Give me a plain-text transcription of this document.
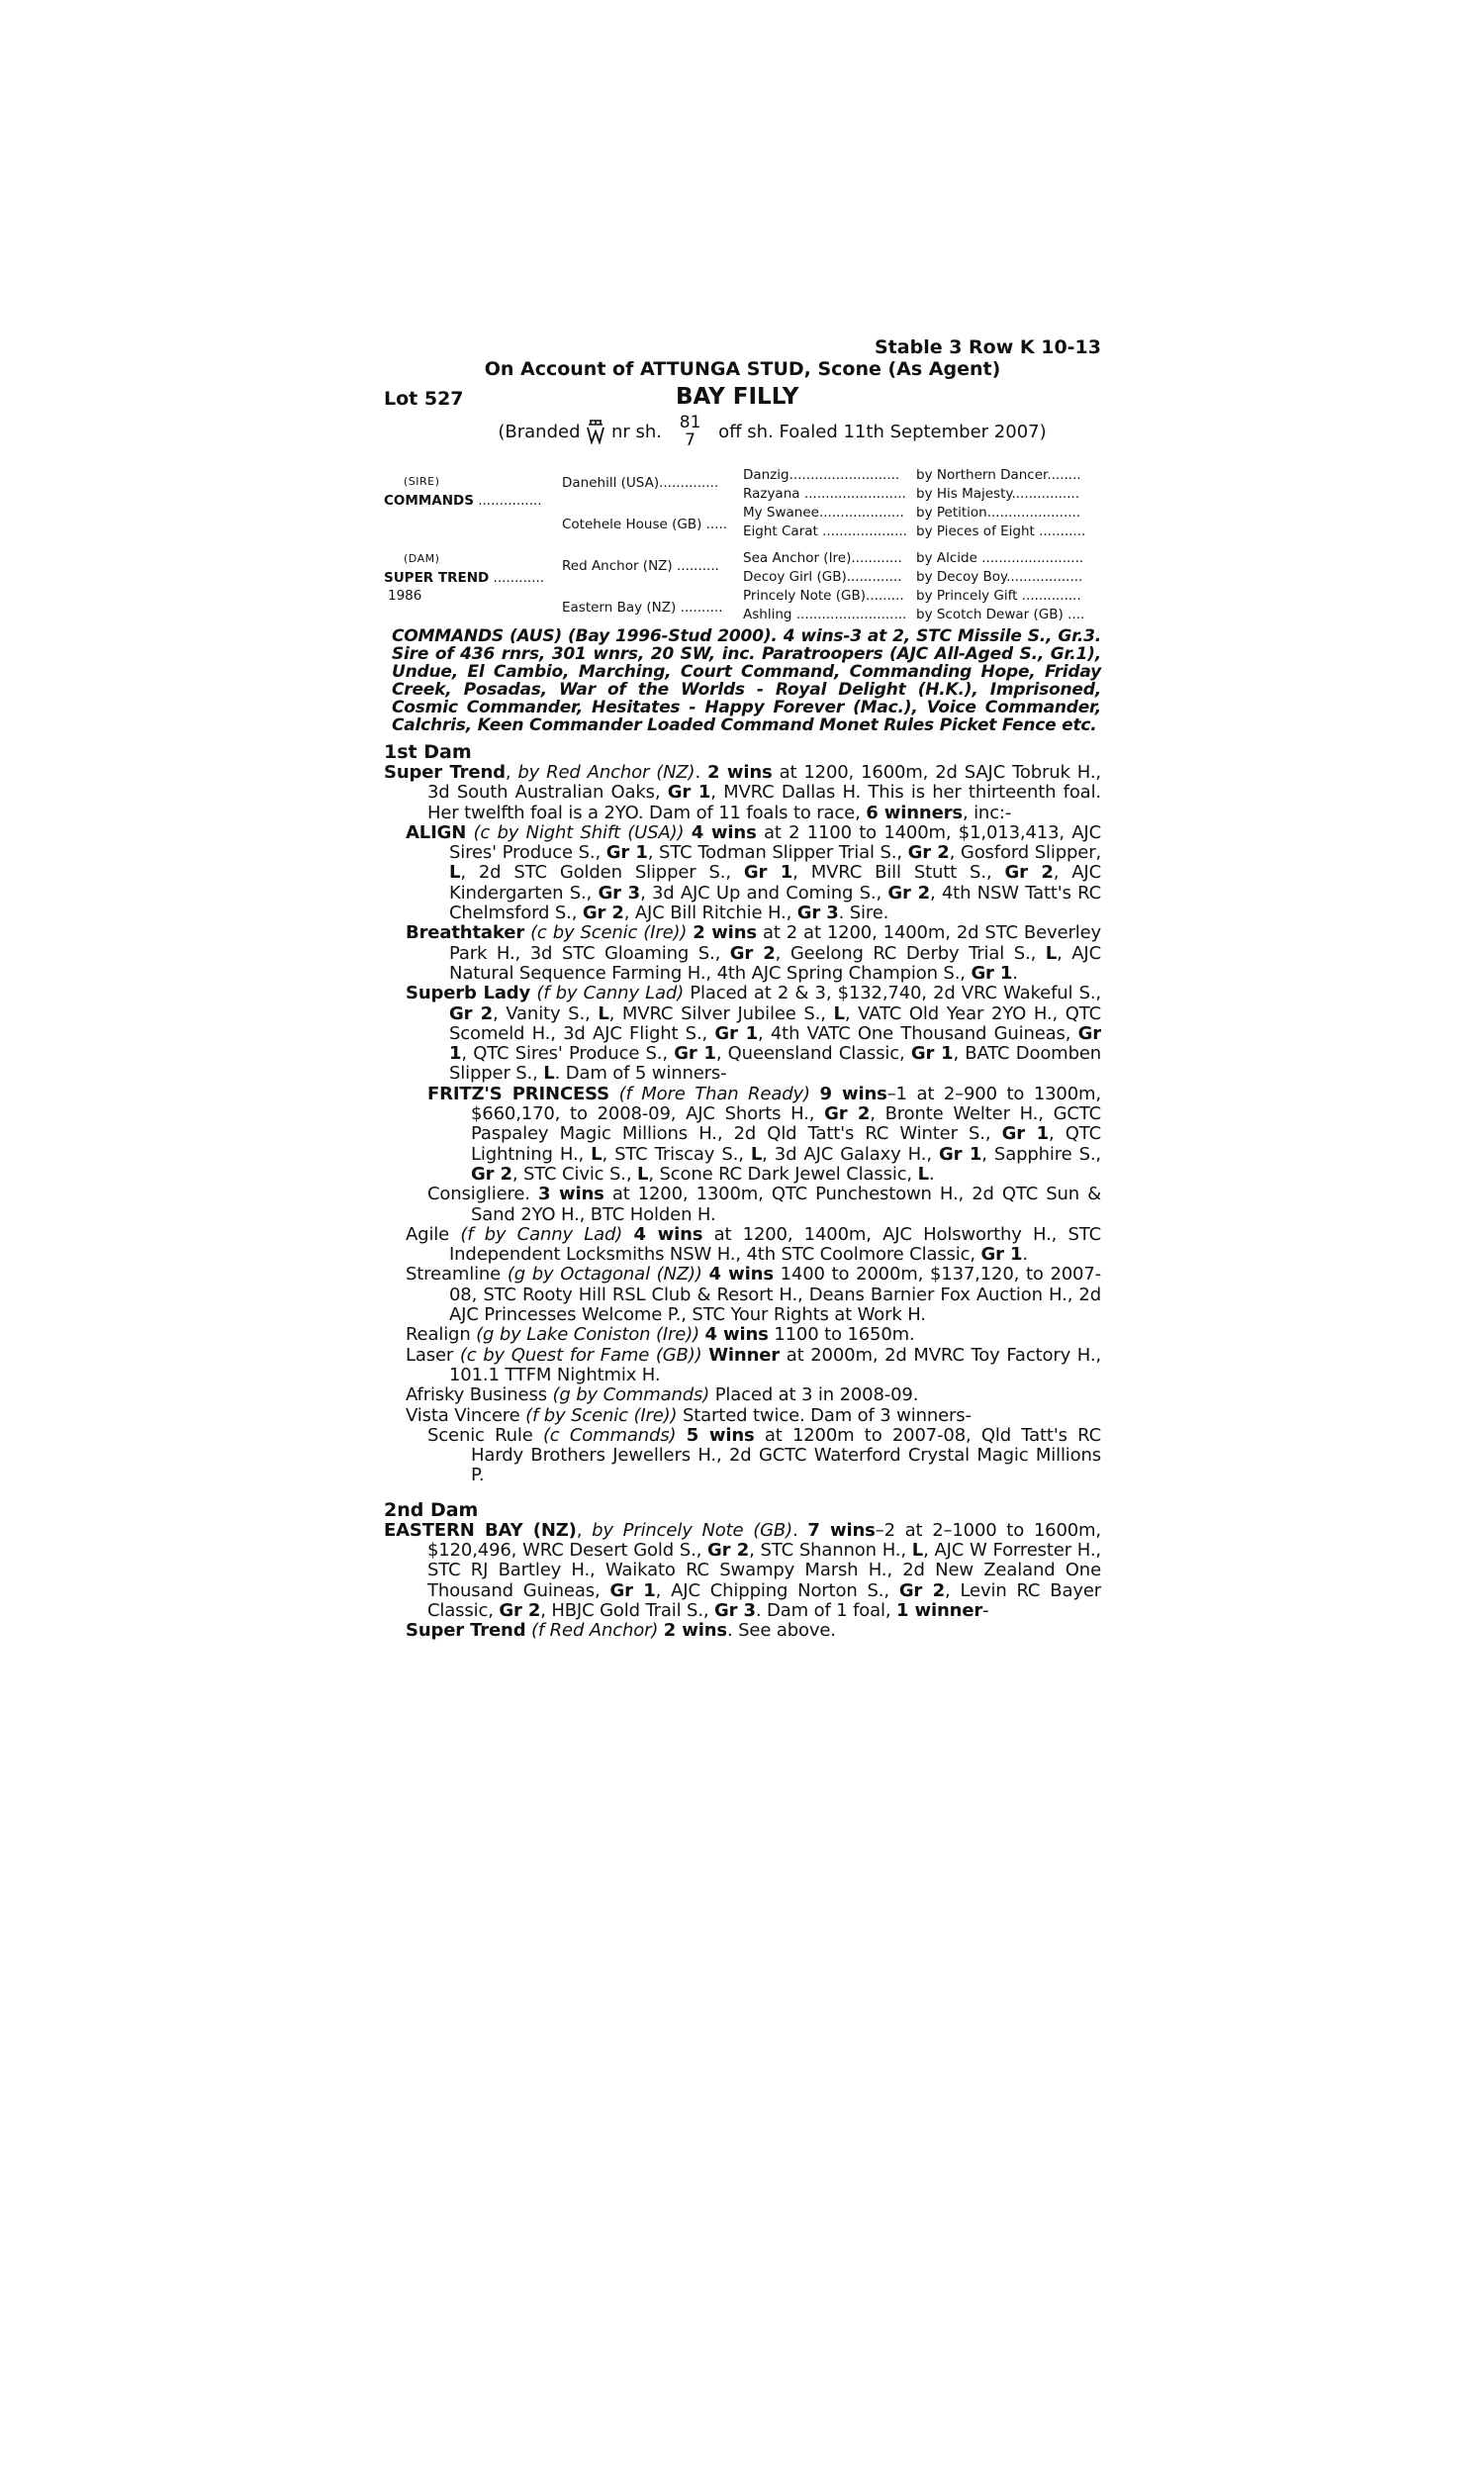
Stable 3 Row K 10-13
On Account of ATTUNGA STUD, Scone (As Agent)
Lot 527	BAY FILLY
(Branded nr sh. 81
7	off sh. Foaled 11th September 2007)
(SIRE)
COMMANDS ...............
(DAM)
SUPER TREND ............
1986
Danehill (USA)..............
Cotehele House (GB) .....
Red Anchor (NZ) ..........
Eastern Bay (NZ) ..........
Danzig..........................
Razyana ........................
My Swanee....................
Eight Carat ....................
Sea Anchor (Ire)............
Decoy Girl (GB).............
Princely Note (GB).........
Ashling ..........................
by Northern Dancer........
by His Majesty................
by Petition......................
by Pieces of Eight ...........
by Alcide ........................
by Decoy Boy..................
by Princely Gift ..............
by Scotch Dewar (GB) ....
COMMANDS (AUS) (Bay 1996-Stud 2000). 4 wins-3 at 2, STC Missile S., Gr.3. Sire of 436 rnrs, 301 wnrs, 20 SW, inc. Paratroopers (AJC All-Aged S., Gr.1), Undue, El Cambio, Marching, Court Command, Commanding Hope, Friday Creek, Posadas, War of the Worlds - Royal Delight (H.K.), Imprisoned, Cosmic Commander, Hesitates - Happy Forever (Mac.), Voice Commander, Calchris, Keen Commander Loaded Command Monet Rules Picket Fence etc.
1st Dam

Super Trend, by Red Anchor (NZ). 2 wins at 1200, 1600m, 2d SAJC Tobruk H., 3d South Australian Oaks, Gr 1, MVRC Dallas H. This is her thirteenth foal. Her twelfth foal is a 2YO. Dam of 11 foals to race, 6 winners, inc:-

ALIGN (c by Night Shift (USA)) 4 wins at 2 1100 to 1400m, $1,013,413, AJC Sires' Produce S., Gr 1, STC Todman Slipper Trial S., Gr 2, Gosford Slipper, L, 2d STC Golden Slipper S., Gr 1, MVRC Bill Stutt S., Gr 2, AJC Kindergarten S., Gr 3, 3d AJC Up and Coming S., Gr 2, 4th NSW Tatt's RC Chelmsford S., Gr 2, AJC Bill Ritchie H., Gr 3. Sire.

Breathtaker (c by Scenic (Ire)) 2 wins at 2 at 1200, 1400m, 2d STC Beverley Park H., 3d STC Gloaming S., Gr 2, Geelong RC Derby Trial S., L, AJC Natural Sequence Farming H., 4th AJC Spring Champion S., Gr 1.

Superb Lady (f by Canny Lad) Placed at 2 & 3, $132,740, 2d VRC Wakeful S., Gr 2, Vanity S., L, MVRC Silver Jubilee S., L, VATC Old Year 2YO H., QTC Scomeld H., 3d AJC Flight S., Gr 1, 4th VATC One Thousand Guineas, Gr 1, QTC Sires' Produce S., Gr 1, Queensland Classic, Gr 1, BATC Doomben Slipper S., L. Dam of 5 winners-

FRITZ'S PRINCESS (f More Than Ready) 9 wins–1 at 2–900 to 1300m, $660,170, to 2008-09, AJC Shorts H., Gr 2, Bronte Welter H., GCTC Paspaley Magic Millions H., 2d Qld Tatt's RC Winter S., Gr 1, QTC Lightning H., L, STC Triscay S., L, 3d AJC Galaxy H., Gr 1, Sapphire S., Gr 2, STC Civic S., L, Scone RC Dark Jewel Classic, L.

Consigliere. 3 wins at 1200, 1300m, QTC Punchestown H., 2d QTC Sun & Sand 2YO H., BTC Holden H.

Agile (f by Canny Lad) 4 wins at 1200, 1400m, AJC Holsworthy H., STC Independent Locksmiths NSW H., 4th STC Coolmore Classic, Gr 1.

Streamline (g by Octagonal (NZ)) 4 wins 1400 to 2000m, $137,120, to 2007-08, STC Rooty Hill RSL Club & Resort H., Deans Barnier Fox Auction H., 2d AJC Princesses Welcome P., STC Your Rights at Work H.

Realign (g by Lake Coniston (Ire)) 4 wins 1100 to 1650m.

Laser (c by Quest for Fame (GB)) Winner at 2000m, 2d MVRC Toy Factory H., 101.1 TTFM Nightmix H.

Afrisky Business (g by Commands) Placed at 3 in 2008-09.

Vista Vincere (f by Scenic (Ire)) Started twice. Dam of 3 winners-

Scenic Rule (c Commands) 5 wins at 1200m to 2007-08, Qld Tatt's RC Hardy Brothers Jewellers H., 2d GCTC Waterford Crystal Magic Millions P.

2nd Dam

EASTERN BAY (NZ), by Princely Note (GB). 7 wins–2 at 2–1000 to 1600m, $120,496, WRC Desert Gold S., Gr 2, STC Shannon H., L, AJC W Forrester H., STC RJ Bartley H., Waikato RC Swampy Marsh H., 2d New Zealand One Thousand Guineas, Gr 1, AJC Chipping Norton S., Gr 2, Levin RC Bayer Classic, Gr 2, HBJC Gold Trail S., Gr 3. Dam of 1 foal, 1 winner-

Super Trend (f Red Anchor) 2 wins. See above.
